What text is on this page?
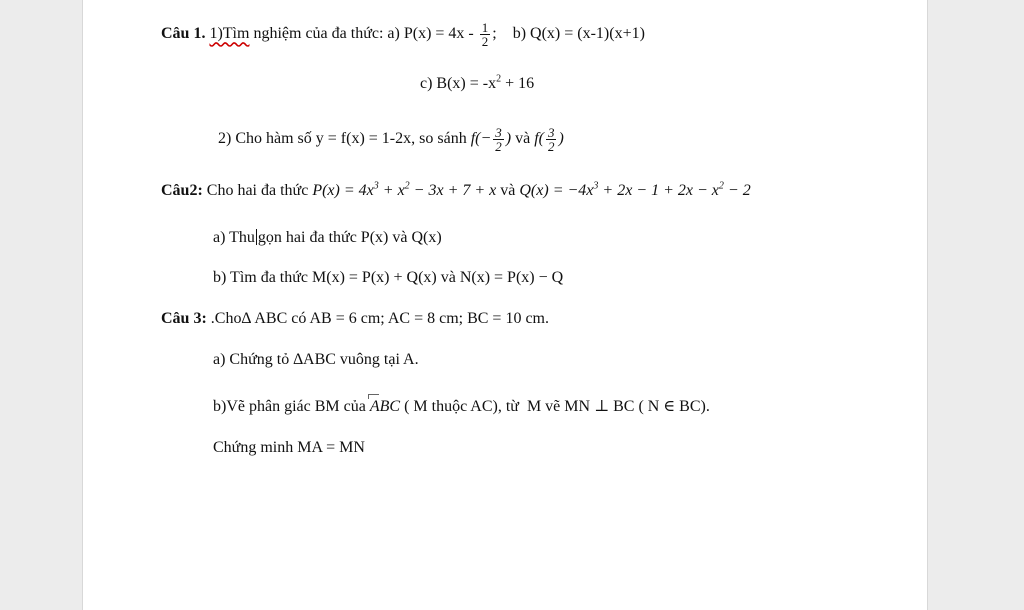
Câu 1. 1)Tìm nghiệm của đa thức: a) $P(x) = 4x - \frac{1}{2}$ ;    b) Q(x) = (x-1)(x+1)
c) $B(x) = -x^2 + 16$
2) Cho hàm số y = f(x) = 1-2x, so sánh $f(- \frac{3}{2}$ ) và $f( \frac{3}{2}$ )
Câu2: Cho hai đa thức $P(x) = 4x^3 + x^2 - 3x + 7 + x$ và $Q(x) = -4x^3 + 2x - 1 + 2x - x^2 - 2$
a) Thu gọn hai đa thức P(x) và Q(x)
b) Tìm đa thức M(x) = P(x) + Q(x) và N(x) = P(x) − Q
Câu 3: .Cho∆ ABC có AB = 6 cm; AC = 8 cm; BC = 10 cm.
a) Chứng tỏ ∆ABC vuông tại A.
b)Vẽ phân giác BM của
ABC ( M thuộc AC), từ  M vẽ MN ⊥ BC ( N ∈ BC).
Chứng minh MA = MN
